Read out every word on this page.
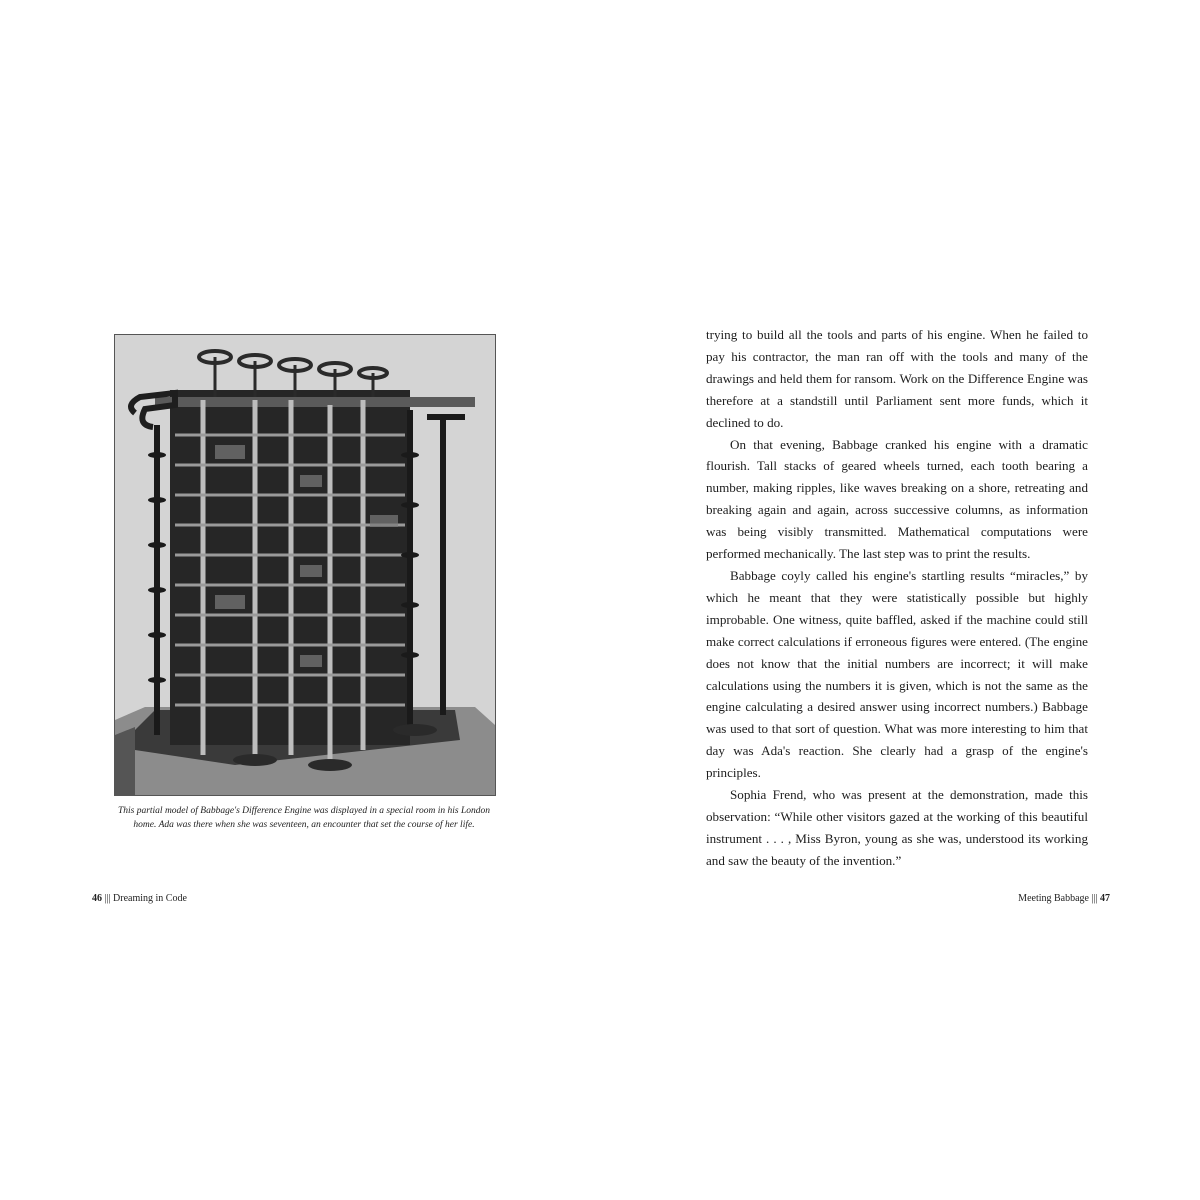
This partial model of Babbage's Difference Engine was displayed in a special room in his London home. Ada was there when she was seventeen, an encounter that set the course of her life.
46 ||| Dreaming in Code

trying to build all the tools and parts of his engine. When he failed to pay his contractor, the man ran off with the tools and many of the drawings and held them for ransom. Work on the Difference Engine was therefore at a standstill until Parliament sent more funds, which it declined to do.

On that evening, Babbage cranked his engine with a dramatic flourish. Tall stacks of geared wheels turned, each tooth bearing a number, making ripples, like waves breaking on a shore, retreating and breaking again and again, across successive columns, as information was being visibly transmitted. Mathematical computations were performed mechanically. The last step was to print the results.

Babbage coyly called his engine's startling results “miracles,” by which he meant that they were statistically possible but highly improbable. One witness, quite baffled, asked if the machine could still make correct calculations if erroneous figures were entered. (The engine does not know that the initial numbers are incorrect; it will make calculations using the numbers it is given, which is not the same as the engine calculating a desired answer using incorrect numbers.) Babbage was used to that sort of question. What was more interesting to him that day was Ada's reaction. She clearly had a grasp of the engine's principles.

Sophia Frend, who was present at the demonstration, made this observation: “While other visitors gazed at the working of this beautiful instrument . . . , Miss Byron, young as she was, understood its working and saw the beauty of the invention.”

Meeting Babbage ||| 47
